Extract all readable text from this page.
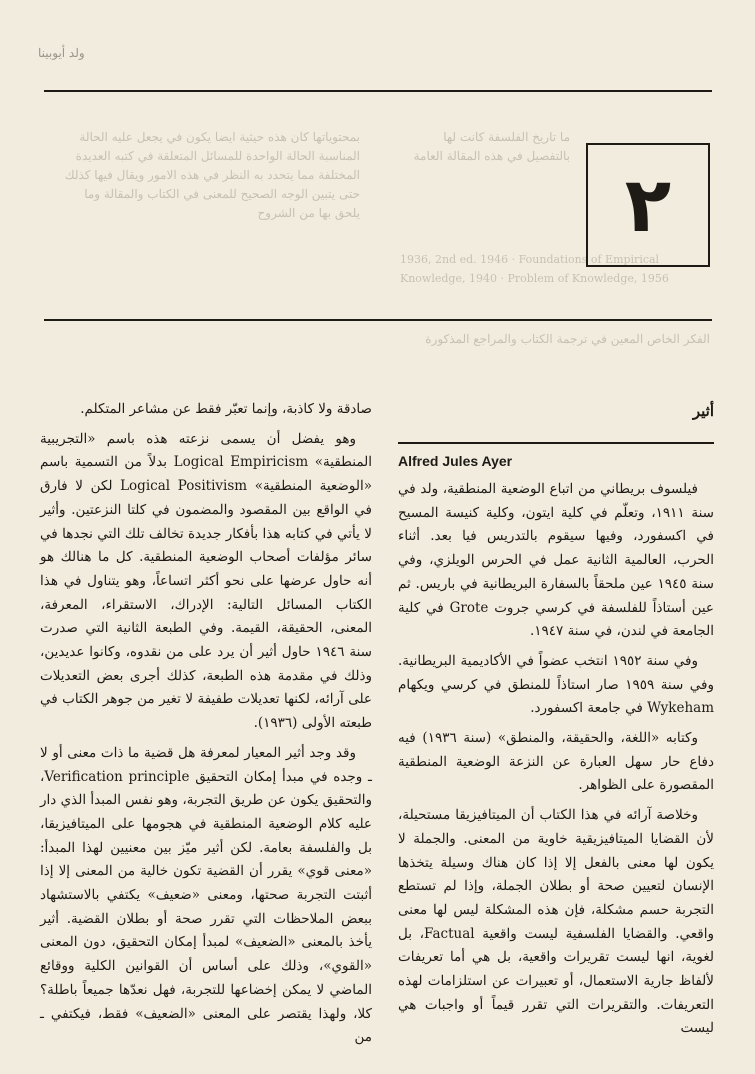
ولد أيوبينا
بمحتوياتها كان هذه حيثية ايضا يكون في يجعل عليه الحالة المناسبة الحالة الواحدة للمسائل المتعلقة في كتبه العديدة المختلفة مما يتحدد به النظر في هذه الامور ويقال فيها كذلك حتى يتبين الوجه الصحيح للمعنى في الكتاب والمقالة وما يلحق بها من الشروح
ما تاريخ الفلسفة كانت لها بالتفصيل في هذه المقالة العامة
1936, 2nd ed. 1946 · Foundations of Empirical Knowledge, 1940 · Problem of Knowledge, 1956
الفكر الخاص المعين في ترجمة الكتاب والمراجع المذكورة
٢
أثير
Alfred Jules Ayer

فيلسوف بريطاني من اتباع الوضعية المنطقية، ولد في سنة ١٩١١، وتعلّم في كلية ايتون، وكلية كنيسة المسيح في اكسفورد، وفيها سيقوم بالتدريس فيا بعد. أثناء الحرب، العالمية الثانية عمل في الحرس الويلزي، وفي سنة ١٩٤٥ عين ملحقاً بالسفارة البريطانية في باريس. ثم عين أستاذاً للفلسفة في كرسي جروت Grote في كلية الجامعة في لندن، في سنة ١٩٤٧.

وفي سنة ١٩٥٢ انتخب عضواً في الأكاديمية البريطانية. وفي سنة ١٩٥٩ صار استاذاً للمنطق في كرسي ويكهام Wykeham في جامعة اكسفورد.

وكتابه «اللغة، والحقيقة، والمنطق» (سنة ١٩٣٦) فيه دفاع حار سهل العبارة عن النزعة الوضعية المنطقية المقصورة على الظواهر.

وخلاصة آرائه في هذا الكتاب أن الميتافيزيقا مستحيلة، لأن القضايا الميتافيزيقية خاوية من المعنى. والجملة لا يكون لها معنى بالفعل إلا إذا كان هناك وسيلة يتخذها الإنسان لتعيين صحة أو بطلان الجملة، وإذا لم تستطع التجربة حسم مشكلة، فإن هذه المشكلة ليس لها معنى واقعي. والقضايا الفلسفية ليست واقعية Factual، بل لغوية، انها ليست تقريرات واقعية، بل هي أما تعريفات لألفاظ جارية الاستعمال، أو تعبيرات عن استلزامات لهذه التعريفات. والتقريرات التي تقرر قيماً أو واجبات هي ليست

صادقة ولا كاذبة، وإنما تعبّر فقط عن مشاعر المتكلم.

وهو يفضل أن يسمى نزعته هذه باسم «التجريبية المنطقية» Logical Empiricism بدلاً من التسمية باسم «الوضعية المنطقية» Logical Positivism لكن لا فارق في الواقع بين المقصود والمضمون في كلتا النزعتين. وأثير لا يأتي في كتابه هذا بأفكار جديدة تخالف تلك التي نجدها في سائر مؤلفات أصحاب الوضعية المنطقية. كل ما هنالك هو أنه حاول عرضها على نحو أكثر اتساعاً، وهو يتناول في هذا الكتاب المسائل التالية: الإدراك، الاستقراء، المعرفة، المعنى، الحقيقة، القيمة. وفي الطبعة الثانية التي صدرت سنة ١٩٤٦ حاول أثير أن يرد على من نقدوه، وكانوا عديدين، وذلك في مقدمة هذه الطبعة، كذلك أجرى بعض التعديلات على آرائه، لكنها تعديلات طفيفة لا تغير من جوهر الكتاب في طبعته الأولى (١٩٣٦).

وقد وجد أثير المعيار لمعرفة هل قضية ما ذات معنى أو لا ـ وجده في مبدأ إمكان التحقيق Verification principle، والتحقيق يكون عن طريق التجربة، وهو نفس المبدأ الذي دار عليه كلام الوضعية المنطقية في هجومها على الميتافيزيقا، بل والفلسفة بعامة. لكن أثير ميّز بين معنيين لهذا المبدأ: «معنى قوي» يقرر أن القضية تكون خالية من المعنى إلا إذا أثبتت التجربة صحتها، ومعنى «ضعيف» يكتفي بالاستشهاد ببعض الملاحظات التي تقرر صحة أو بطلان القضية. أثير يأخذ بالمعنى «الضعيف» لمبدأ إمكان التحقيق، دون المعنى «القوي»، وذلك على أساس أن القوانين الكلية ووقائع الماضي لا يمكن إخضاعها للتجربة، فهل نعدّها جميعاً باطلة؟ كلا، ولهذا يقتصر على المعنى «الضعيف» فقط، فيكتفي ـ من
